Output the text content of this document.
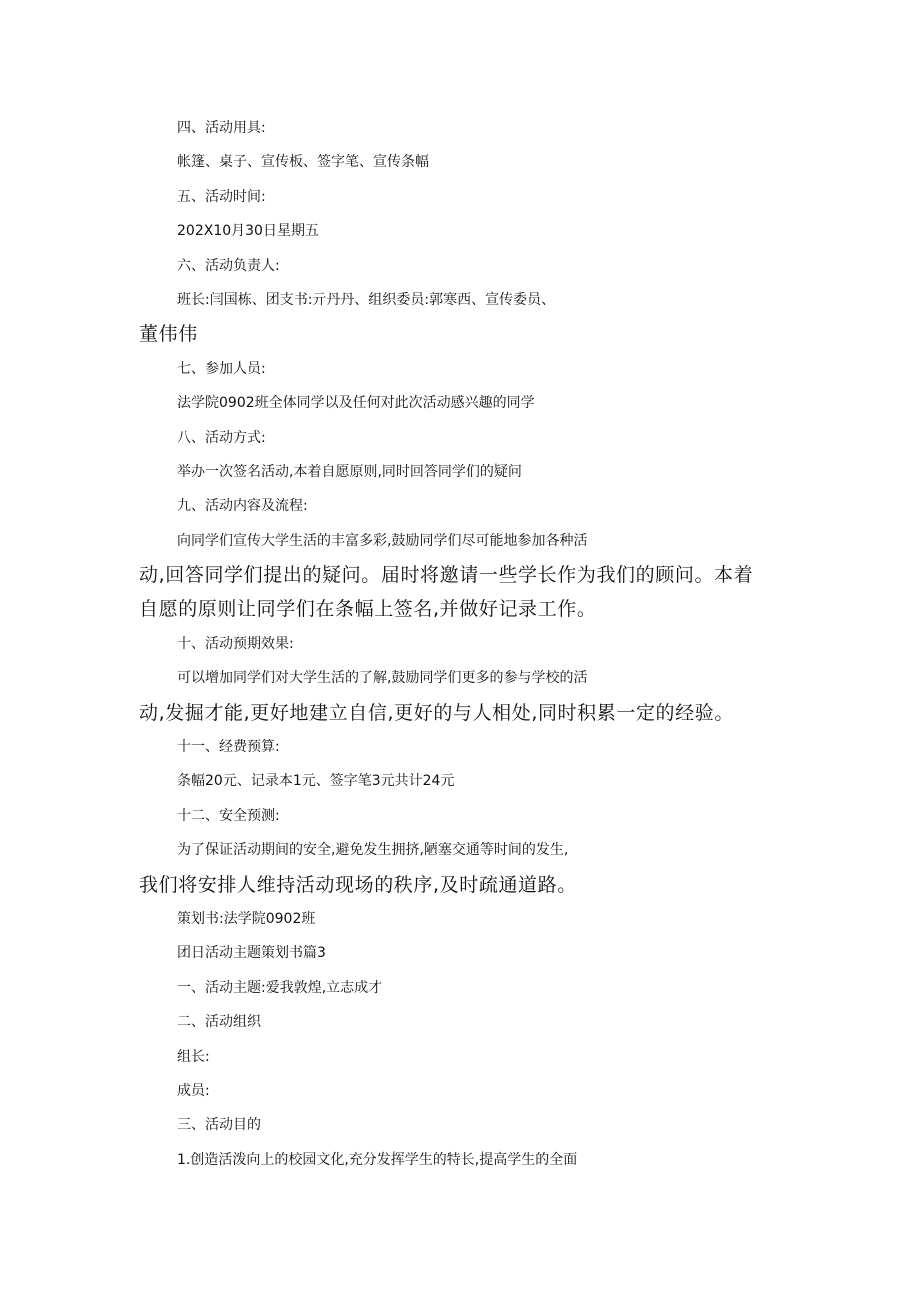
四、活动用具:
帐篷、桌子、宣传板、签字笔、宣传条幅
五、活动时间:
202X10月30日星期五
六、活动负责人:
班长:闫国栋、团支书:亓丹丹、组织委员:郭寒西、宣传委员、
董伟伟
七、参加人员:
法学院0902班全体同学以及任何对此次活动感兴趣的同学
八、活动方式:
举办一次签名活动,本着自愿原则,同时回答同学们的疑问
九、活动内容及流程:
向同学们宣传大学生活的丰富多彩,鼓励同学们尽可能地参加各种活
动,回答同学们提出的疑问。届时将邀请一些学长作为我们的顾问。本着
自愿的原则让同学们在条幅上签名,并做好记录工作。
十、活动预期效果:
可以增加同学们对大学生活的了解,鼓励同学们更多的参与学校的活
动,发掘才能,更好地建立自信,更好的与人相处,同时积累一定的经验。
十一、经费预算:
条幅20元、记录本1元、签字笔3元共计24元
十二、安全预测:
为了保证活动期间的安全,避免发生拥挤,陋塞交通等时间的发生,
我们将安排人维持活动现场的秩序,及时疏通道路。
策划书:法学院0902班
团日活动主题策划书篇3
一、活动主题:爱我敦煌,立志成才
二、活动组织
组长:
成员:
三、活动目的
1.创造活泼向上的校园文化,充分发挥学生的特长,提高学生的全面
